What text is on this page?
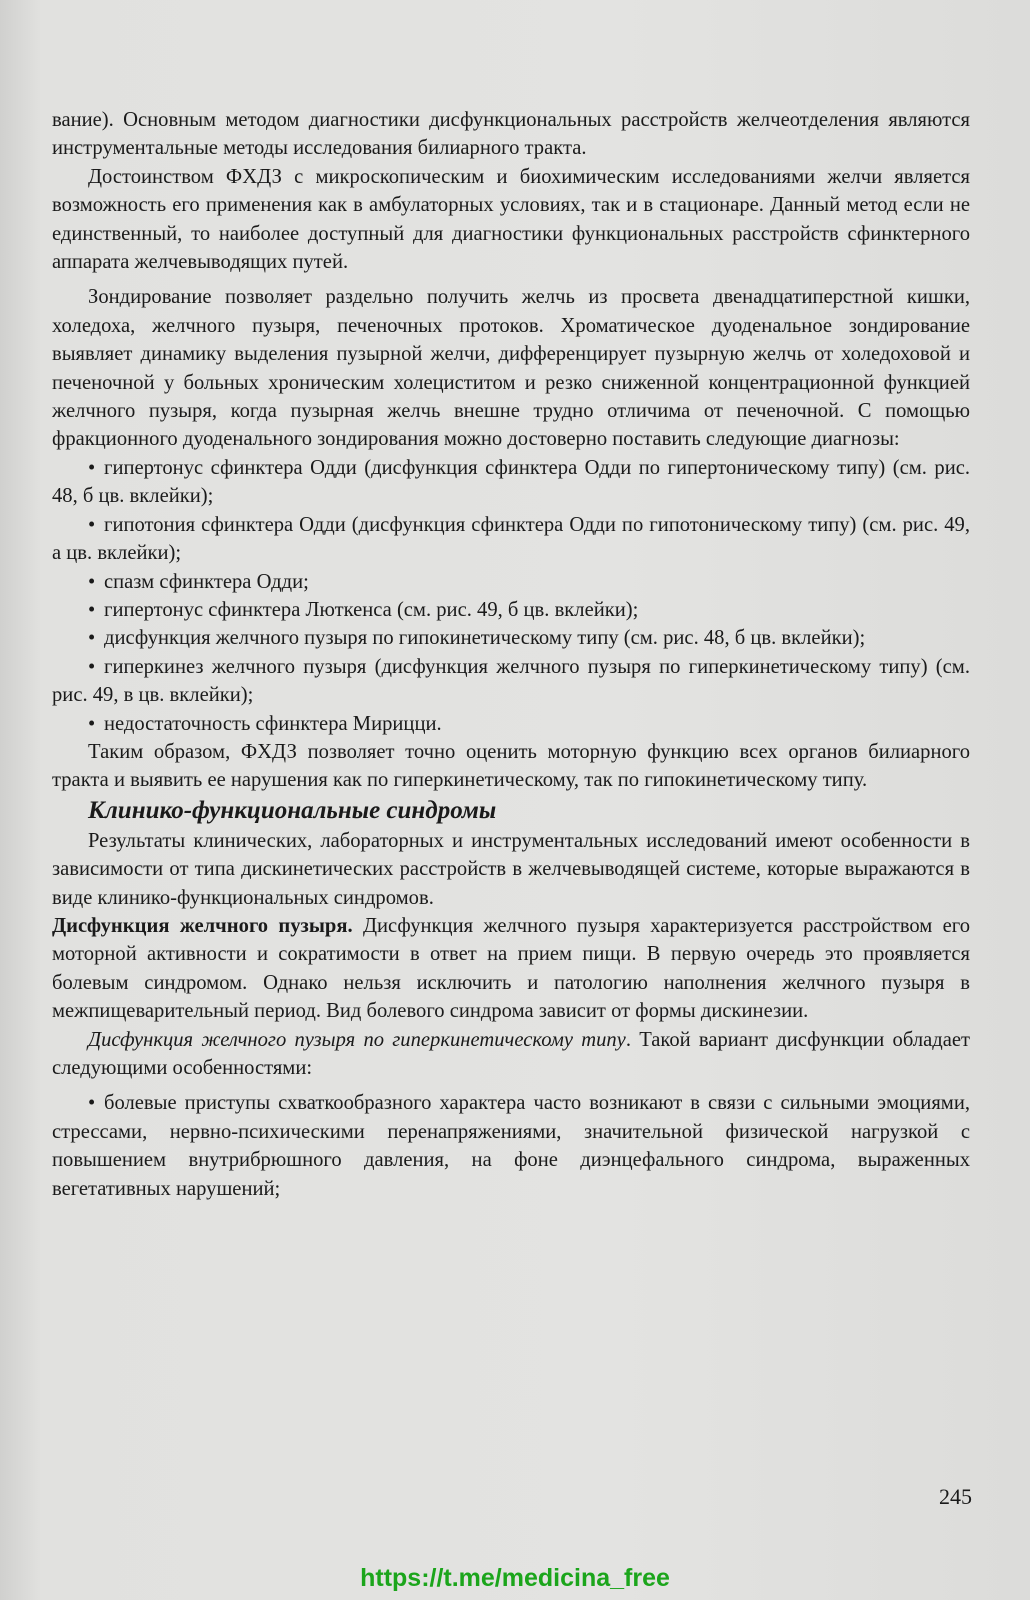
вание). Основным методом диагностики дисфункциональных расстройств желчеотделения являются инструментальные методы исследования билиарного тракта.

Достоинством ФХДЗ с микроскопическим и биохимическим исследованиями желчи является возможность его применения как в амбулаторных условиях, так и в стационаре. Данный метод если не единственный, то наиболее доступный для диагностики функциональных расстройств сфинктерного аппарата желчевыводящих путей.

Зондирование позволяет раздельно получить желчь из просвета двенадцатиперстной кишки, холедоха, желчного пузыря, печеночных протоков. Хроматическое дуоденальное зондирование выявляет динамику выделения пузырной желчи, дифференцирует пузырную желчь от холедоховой и печеночной у больных хроническим холециститом и резко сниженной концентрационной функцией желчного пузыря, когда пузырная желчь внешне трудно отличима от печеночной. С помощью фракционного дуоденального зондирования можно достоверно поставить следующие диагнозы:

• гипертонус сфинктера Одди (дисфункция сфинктера Одди по гипертоническому типу) (см. рис. 48, б цв. вклейки);

• гипотония сфинктера Одди (дисфункция сфинктера Одди по гипотоническому типу) (см. рис. 49, а цв. вклейки);

• спазм сфинктера Одди;

• гипертонус сфинктера Люткенса (см. рис. 49, б цв. вклейки);

• дисфункция желчного пузыря по гипокинетическому типу (см. рис. 48, б цв. вклейки);

• гиперкинез желчного пузыря (дисфункция желчного пузыря по гиперкинетическому типу) (см. рис. 49, в цв. вклейки);

• недостаточность сфинктера Мирицци.

Таким образом, ФХДЗ позволяет точно оценить моторную функцию всех органов билиарного тракта и выявить ее нарушения как по гиперкинетическому, так по гипокинетическому типу.

Клинико-функциональные синдромы

Результаты клинических, лабораторных и инструментальных исследований имеют особенности в зависимости от типа дискинетических расстройств в желчевыводящей системе, которые выражаются в виде клинико-функциональных синдромов.

Дисфункция желчного пузыря. Дисфункция желчного пузыря характеризуется расстройством его моторной активности и сократимости в ответ на прием пищи. В первую очередь это проявляется болевым синдромом. Однако нельзя исключить и патологию наполнения желчного пузыря в межпищеварительный период. Вид болевого синдрома зависит от формы дискинезии.

Дисфункция желчного пузыря по гиперкинетическому типу. Такой вариант дисфункции обладает следующими особенностями:

• болевые приступы схваткообразного характера часто возникают в связи с сильными эмоциями, стрессами, нервно-психическими перенапряжениями, значительной физической нагрузкой с повышением внутрибрюшного давления, на фоне диэнцефального синдрома, выраженных вегетативных нарушений;

245
https://t.me/medicina_free
